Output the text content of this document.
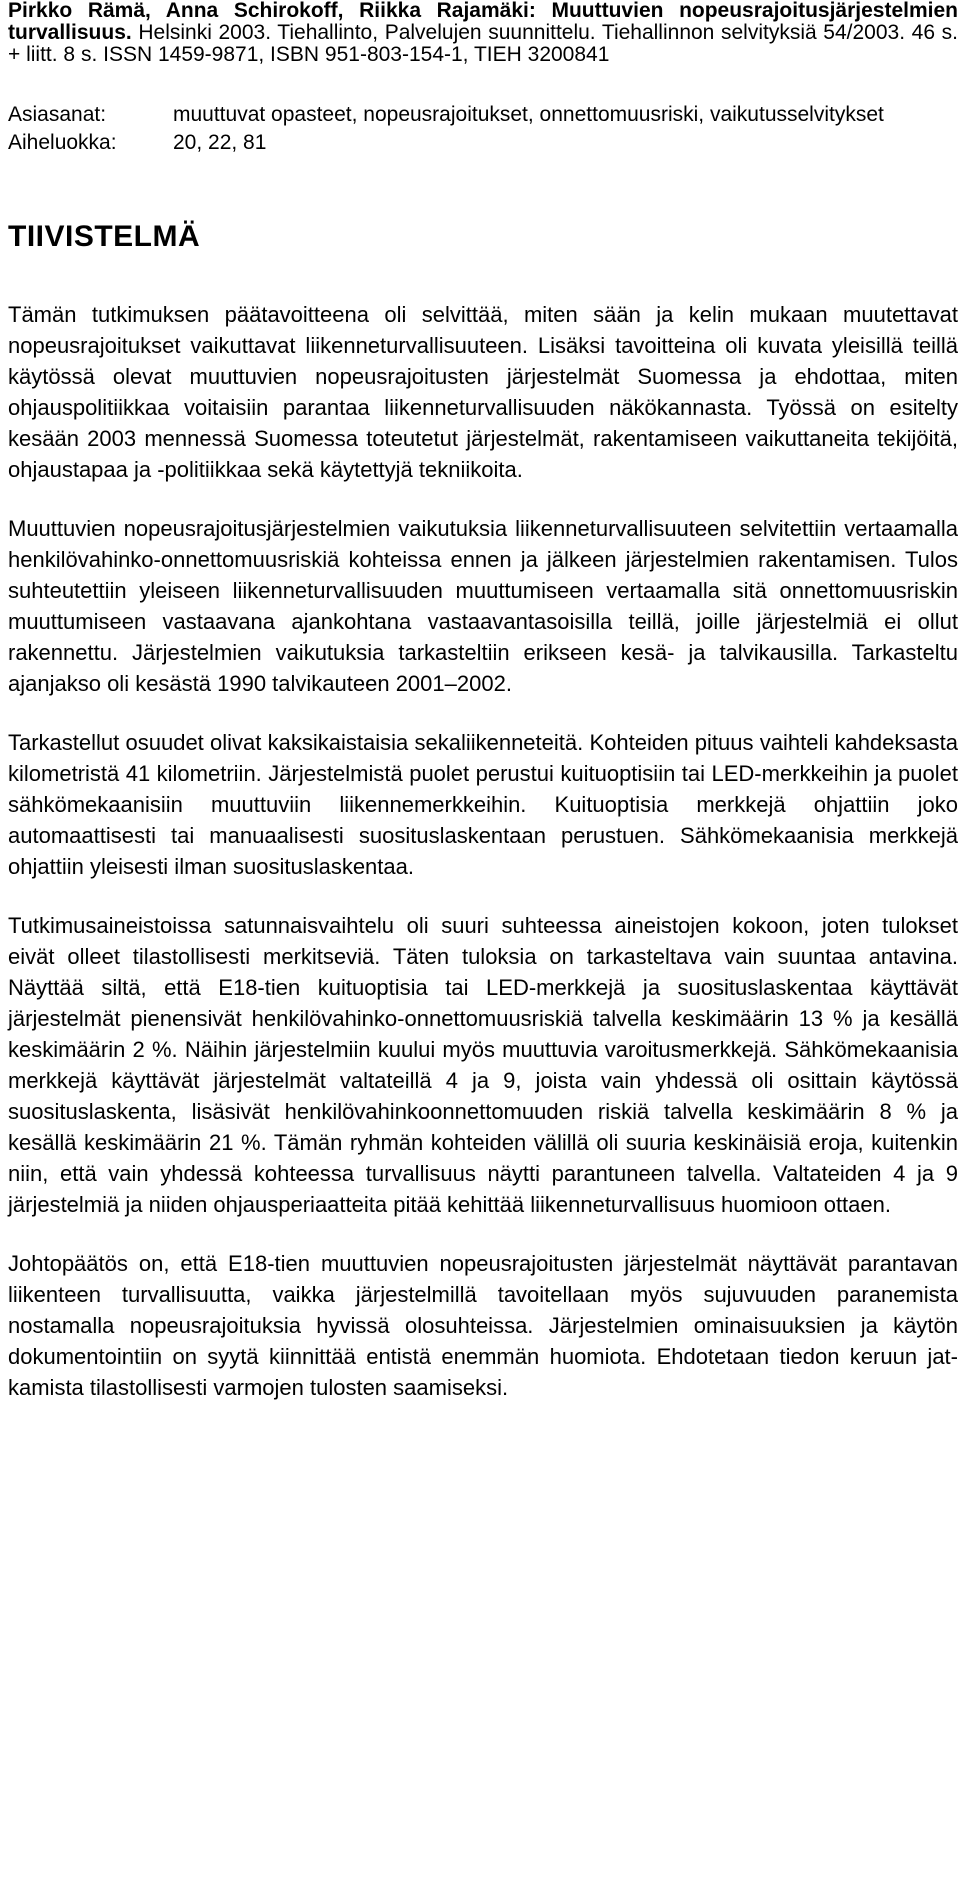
Pirkko Rämä, Anna Schirokoff, Riikka Rajamäki: Muuttuvien nopeusrajoitusjärjestelmien turvallisuus. Helsinki 2003. Tiehallinto, Palvelujen suunnittelu. Tiehallinnon selvityksiä 54/2003. 46 s. + liitt. 8 s. ISSN 1459-9871, ISBN 951-803-154-1, TIEH 3200841

Asiasanat:	muuttuvat opasteet, nopeusrajoitukset, onnettomuusriski, vaikutusselvitykset
Aiheluokka:	20, 22, 81
TIIVISTELMÄ

Tämän tutkimuksen päätavoitteena oli selvittää, miten sään ja kelin mukaan muutettavat nopeusrajoitukset vaikuttavat liikenneturvallisuuteen. Lisäksi tavoitteina oli kuvata yleisillä teillä käytössä olevat muuttuvien nopeusrajoitusten järjestelmät Suomessa ja ehdottaa, miten ohjauspolitiikkaa voitaisiin parantaa liikenneturvallisuuden näkökannasta. Työssä on esitelty kesään 2003 mennessä Suomessa toteutetut järjestelmät, rakentamiseen vaikuttaneita tekijöitä, ohjaustapaa ja -politiikkaa sekä käytettyjä tekniikoita.

Muuttuvien nopeusrajoitusjärjestelmien vaikutuksia liikenneturvallisuuteen selvitettiin vertaamalla henkilövahinko-onnettomuusriskiä kohteissa ennen ja jälkeen järjestelmien rakentamisen. Tulos suhteutettiin yleiseen liikenneturvallisuuden muuttumiseen vertaamalla sitä onnettomuusriskin muuttumiseen vastaavana ajankohtana vastaavantasoisilla teillä, joille järjestelmiä ei ollut rakennettu. Järjestelmien vaikutuksia tarkasteltiin erikseen kesä- ja talvikausilla. Tarkasteltu ajanjakso oli kesästä 1990 talvikauteen 2001–2002.

Tarkastellut osuudet olivat kaksikaistaisia sekaliikenneteitä. Kohteiden pituus vaihteli kahdeksasta kilometristä 41 kilometriin. Järjestelmistä puolet perustui kuituoptisiin tai LED-merkkeihin ja puolet sähkömekaanisiin muuttuviin liikennemerkkeihin. Kuituoptisia merkkejä ohjattiin joko automaattisesti tai manuaalisesti suosituslaskentaan perustuen. Sähkömekaanisia merkkejä ohjattiin yleisesti ilman suosituslaskentaa.

Tutkimusaineistoissa satunnaisvaihtelu oli suuri suhteessa aineistojen kokoon, joten tulokset eivät olleet tilastollisesti merkitseviä. Täten tuloksia on tarkasteltava vain suuntaa antavina. Näyttää siltä, että E18-tien kuituoptisia tai LED-merkkejä ja suosituslaskentaa käyttävät järjestelmät pienensivät henkilövahinko-onnettomuusriskiä talvella keskimäärin 13 % ja kesällä keskimäärin 2 %. Näihin järjestelmiin kuului myös muuttuvia varoitusmerkkejä. Sähkömekaanisia merkkejä käyttävät järjestelmät valtateillä 4 ja 9, joista vain yhdessä oli osittain käytössä suosituslaskenta, lisäsivät henkilövahinkoonnettomuuden riskiä talvella keskimäärin 8 % ja kesällä keskimäärin 21 %. Tämän ryhmän kohteiden välillä oli suuria keskinäisiä eroja, kuitenkin niin, että vain yhdessä kohteessa turvallisuus näytti parantuneen talvella. Valtateiden 4 ja 9 järjestelmiä ja niiden ohjausperiaatteita pitää kehittää liikenneturvallisuus huomioon ottaen.

Johtopäätös on, että E18-tien muuttuvien nopeusrajoitusten järjestelmät näyttävät parantavan liikenteen turvallisuutta, vaikka järjestelmillä tavoitellaan myös sujuvuuden paranemista nostamalla nopeusrajoituksia hyvissä olosuhteissa. Järjestelmien ominaisuuksien ja käytön dokumentointiin on syytä kiinnittää entistä enemmän huomiota. Ehdotetaan tiedon keruun jatkamista tilastollisesti varmojen tulosten saamiseksi.
